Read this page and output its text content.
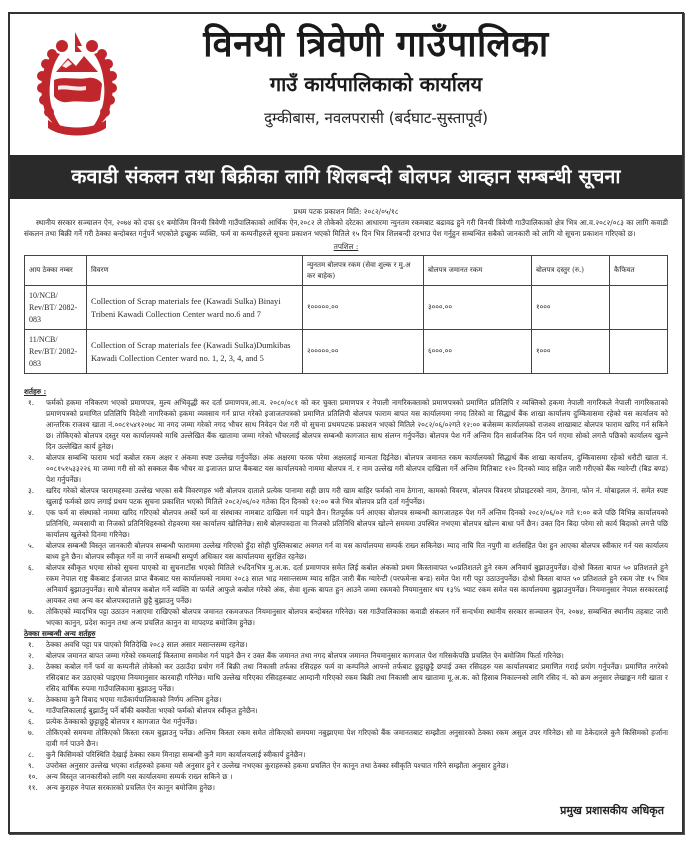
विनयी त्रिवेणी गाउँपालिका
गाउँ कार्यपालिकाको कार्यालय
दुम्कीबास, नवलपरासी (बर्दघाट-सुस्तापूर्व)
कवाडी संकलन तथा बिक्रीका लागि शिलबन्दी बोलपत्र आव्हान सम्बन्धी सूचना
प्रथम पटक प्रकाशन मिति: २०८२/०५/१८

स्थानीय सरकार सञ्चालन ऐन, २०७४ को दफा ६१ बमोजिम विनयी त्रिवेणी गाउँपालिकाको आर्थिक ऐन,२०८२ ले तोकेको दरेटका आधारमा न्युनतम रकमबाट बढावढ हुने गरी विनयी त्रिवेणी गाउँपालिकाको क्षेत्र भित्र आ.व.२०८२/०८३ का लागि कवाडी संकलन तथा बिक्री गर्ने गरी ठेक्का बन्दोबस्त गर्नुपर्ने भएकोले इच्छुक व्यक्ति, फर्म वा कम्पनीहरुले सूचना प्रकाशन भएको मितिले १५ दिन भित्र शिलबन्दी दरभाउ पेश गर्नुहुन सम्बन्धित सबैको जानकारी को लागि यो सूचना प्रकाशन गरिएको छ।

तपशिल :
आय ठेक्का नम्बर	विवरण	न्युनतम बोलपत्र रकम (सेवा शुल्क र मु.अ कर बाहेक)	बोलपत्र जमानत रकम	बोलपत्र दस्तुर (रु.)	कैफियत
10/NCB/ Rev/BT/ 2082-083	Collection of Scrap materials fee (Kawadi Sulka) Binayi Tribeni Kawadi Collection Center ward no.6 and 7	१०००००.००	३०००.००	१०००	
11/NCB/ Rev/BT/ 2082-083	Collection of Scrap materials fee (Kawadi Sulka)Dumkibas Kawadi Collection Center ward no. 1, 2, 3, 4, and 5	२०००००.००	६०००.००	१०००	
शर्तहरु :
१.	फर्मको हकमा नविकरण भएको प्रमाणपत्र, मुल्य अभिवृद्धी कर दर्ता प्रमाणपत्र,आ.व. २०८०/०८१ को कर चुक्ता प्रमाणपत्र र नेपाली नागरिकक्‍ताको प्रमाणपत्रको प्रमाणित प्रतिलिपि र व्यक्तिको हकमा नेपाली नागरिकले नेपाली नागरिकताको प्रमाणपत्रको प्रमाणित प्रतिलिपि विदेशी नागरिकको हकमा व्यवसाय गर्न प्राप्त गरेको इजाजतपत्रको प्रमाणित प्रतिलिपी बोलपत्र फाराम बापत यस कार्यालयमा नगद तिरेको वा सिद्धार्थ बैंक शाखा कार्यालय दुम्किवासमा रहेको यस कार्यालय को आन्तरिक राजश्व खाता नं.००८१५४१२०७८ मा नगद जम्मा गरेको नगद भौचर साथ निवेदन पेश गरी यो सुचना प्रथमपटक प्रकाशन भएको मितिले २०८२/०६/०२गते १२:०० बजेसम्म कार्यालयको राजश्व शाखाबाट बोलपत्र फाराम खरिद गर्न सकिने छ। तोकिएको बोलपत्र दस्तुर यस कार्यालयको माथि उल्लेखित बैंक खातामा जम्मा गरेको भौचरलाई बोलपत्र सम्बन्धी कागजात साथ संलग्न गर्नुपर्नेछ। बोलपत्र पेश गर्ने अन्तिम दिन सार्वजनिक दिन पर्न गएमा सोको लगत्तै पछिको कार्यालय खुल्ने दिन उल्लेखित कार्य हुनेछ।
२.	बोलपत्र सम्बन्धि फाराम भर्दा कबोल रकम अक्षर र अंकमा स्पष्ट उल्लेख गर्नुपर्नेछ। अंक अक्षरमा फरक परेमा अक्षरलाई मान्यता दिईनेछ। बोलपत्र जमानत रकम कार्यालयको सिद्धार्थ बैंक शाखा कार्यालय, दुम्किवासमा रहेको धरौटी खाता नं. ००८१५१५३३२२६ मा जम्मा गरी सो को सक्कल बैंक भौचर वा इजाजत प्राप्त बैंकबाट यस कार्यालयको नाममा बोलपत्र नं. र नाम उल्लेख गरी बोलपत्र दाखिला गर्ने अन्तिम मितिबाट १२० दिनको म्याद सहित जारी गरीएको बैंक ग्यारेन्टी (बिड बण्ड) पेश गर्नुपर्नेछ।
३.	खरिद गरेको बोलपत्र फारामहरुमा उल्लेख भएका सबै विवरणहरु भरी बोलपत्र दाताले प्रत्येक पानामा सही छाप गरी खाम बाहिर फर्मको नाम ठेगाना, कामको विवरण, बोलपत्र विवरण प्रोप्राइटरको नाम, ठेगाना, फोन नं. मोबाइलल नं. समेत स्पष्ट खुलाई फर्मको छाप लगाई प्रथम पटक सुचना प्रकाशित भएको मितिले २०८२/०६/०२ गतेका दिन दिनको १२:०० बजे भित्र बोलपत्र प्रति दर्ता गर्नुपर्नेछ।
४.	एक फर्म वा संस्थाको नाममा खरिद गरिएको बोलपत्र अर्को फर्म वा संस्थाका नामबाट दाखिला गर्न पाइने छैन। रितपूर्वक पर्न आएका बोलपत्र सम्बन्धी कागजातहरु पेश गर्ने अन्तिम दिनको २०८२/०६/०२ गते १:०० बजे पछि विभिन्न कार्यालयको प्रतिनिधि, व्यवसायी वा निजको प्रतिनिधिहरुको रोहवरमा यस कार्यालय खोलिनेछ। साथै बोलपत्रदाता वा निजको प्रतिनिधि बोलपत्र खोल्ने समयमा उपस्थित नभएमा बोलपत्र खोल्न बाधा पर्ने छैन। उक्त दिन बिदा परेमा सो कार्य बिदाको लगत्तै पछि कार्यालय खुलेको दिनमा गरिनेछ।
५.	बोलपत्र सम्बन्धी विस्तृत जानकारी बोलपत्र सम्बन्धी फाराममा उल्लेख गरिएको हुँदा सोही पुस्तिकाबाट अवगत गर्न वा यस कार्यालयमा सम्पर्क राख्न सकिनेछ। म्याद नाघि रित नपुगी वा शर्तसहित पेश हुन आएका बोलपत्र स्वीकार गर्न यस कार्यालय बाध्य हुने छैन। बोलपत्र स्वीकृत गर्ने वा नगर्ने सम्बन्धी सम्पुर्ण अधिकार यस कार्यालयमा सुरक्षित रहनेछ।
६.	बोलपत्र स्वीकृत भएमा सोको सुचना पाएको वा सुचनाटाँस भएको मितिले १५दिनभित्र मु.अ.क. दर्ता प्रमाणपत्र समेत लिई कबोल अंकको प्रथम किस्तावापत ५०प्रतिशतले हुने रकम अनिवार्य बुझाउनुपर्नेछ। दोश्रो किस्ता बापत ५० प्रतिशतले हुने रकम नेपाल राष्ट्र बैंकबाट ईजाजत प्राप्त बैंकबाट यस कार्यालयको नाममा २०८३ साल भाद्र मसान्तसम्म म्याद सहित जारी बैंक ग्यारेन्टी (परफमेन्स बन्ड) समेत पेश गरी पट्टा उठाउनुपर्नेछ। दोश्रो किस्ता बापत ५० प्रतिशतले हुने रकम जेष्ट १५ भित्र अनिवार्य बुझाउनुपर्नेछ। साथै बोलपत्र कबोल गर्ने व्यक्ति वा फर्मले आफुले कबोल गरेको अंक, सेवा शुल्क बापत हुन आउने जम्मा रकमको नियमानुसार थप १३% भ्याट रकम समेत यस कार्यालयमा बुझाउनुपर्नेछ। नियमानुसार नेपाल सरकारलाई आयकर तथा अन्य कर बोलपत्रदाताले छुट्टै बुझाउनु पर्नेछ।
७.	तोकिएको म्यादभित्र पट्टा उठाउन नआएमा राखिएको बोलपत्र जमानत रकमजफत नियमानुसार बोलपत्र बन्दोबस्त गरिनेछ। यस गाउँपालिकाका कवाडी संकलन गर्ने सन्दर्भमा स्थानीय सरकार सञ्चालन ऐन, २०७४, सम्बन्धित स्थानीय तहबाट जारी भएका कानुन, प्रदेश कानुन तथा अन्य प्रचलित कानुन वा मापदण्ड बमोजिम हुनेछ।
ठेक्का सम्बन्धी अन्य शर्तहरु
१.	ठेक्का अवधि पट्टा पत्र पाएको मितिदेखि २०८३ साल असार मसान्तसम्म रहनेछ।
२.	बोलपत्र जमानत बापत जम्मा गरेको रकमलाई किस्तामा समावेश गर्न पाइने छैन र उक्त बैंक जमानत तथा नगद बोलपत्र जमानत नियमानुसार कागजात पेश गरिसकेपछि प्रचलित ऐन बमोजिम फिर्ता गरिनेछ।
३.	ठेक्का कबोल गर्ने फर्म वा कम्पनीले तोकेको कर उठाउँदा प्रयोग गर्ने बिक्री तथा निकासी तर्फका रसिदहरु फर्म वा कम्पनिले आफ्नो तर्फबाट छुट्टाछुट्टै छपाई उक्त रसिदहरु यस कार्यालयबाट प्रमाणित गराई प्रयोग गर्नुपर्नेछ। प्रमाणित नगरेको रसिदबाट कर उठाएको पाइएमा नियमानुसार कारवाही गरिनेछ। माथि उल्लेख गरिएका रसिदहरुबाट आम्दानी गरिएको रकम बिक्री तथा निकासी आय खातामा मू.अ.क. को हिसाब निकाल्नको लागि रसिद नं. को क्रम अनुसार लेखाङ्कन गरी खाता र रसिद वार्षिक रुपमा गाउँपालिकामा बुझाउनु पर्नेछ।
४.	ठेक्कामा कुनै विवाद भएमा गाउँकार्यपालिकाको निर्णय अन्तिम हुनेछ।
५.	गाउँपालिकालाई बुझाउँनु पर्ने बाँकी बक्यौता भएको फर्मको बोलपत्र स्वीकृत हुनेछैन।
६.	प्रत्येक ठेक्काको छुट्टाछुट्टै बोलपत्र र कागजात पेश गर्नुपर्नेछ।
७.	तोकिएको समयमा तोकिएको किस्ता रकम बुझाउनु पर्नेछ। अन्तिम किस्ता रकम समेत तोकिएको समयमा नबुझाएमा पेश गरिएको बैंक जमानतबाट सम्झौता अनुसारको ठेक्का रकम असुल उपर गरिनेछ। सो मा ठेकेदारले कुनै किसिमको हर्जाना दावी गर्न पाउने छैन।
८.	कुनै किसिमको परिस्थिति देखाई ठेक्का रकम मिनाहा सम्बन्धी कुनै माग कार्यालयलाई स्वीकार्य हुनेछैन।
९.	उपरोक्त अनुसार उल्लेख भएका शर्तहरुको हकमा यसै अनुसार हुने र उल्लेख नभएका कुराहरुको हकमा प्रचलित ऐन कानून तथा ठेक्का स्वीकृति पश्चात गरिने सम्झौता अनुसार हुनेछ।
१०.	अन्य विस्तृत जानकारीको लागि यस कार्यालयमा सम्पर्क राख्न सकिने छ ।
११.	अन्य कुराहरु नेपाल सरकारको प्रचलित ऐन कानून बमोजिम हुनेछ।
प्रमुख प्रशासकीय अधिकृत
